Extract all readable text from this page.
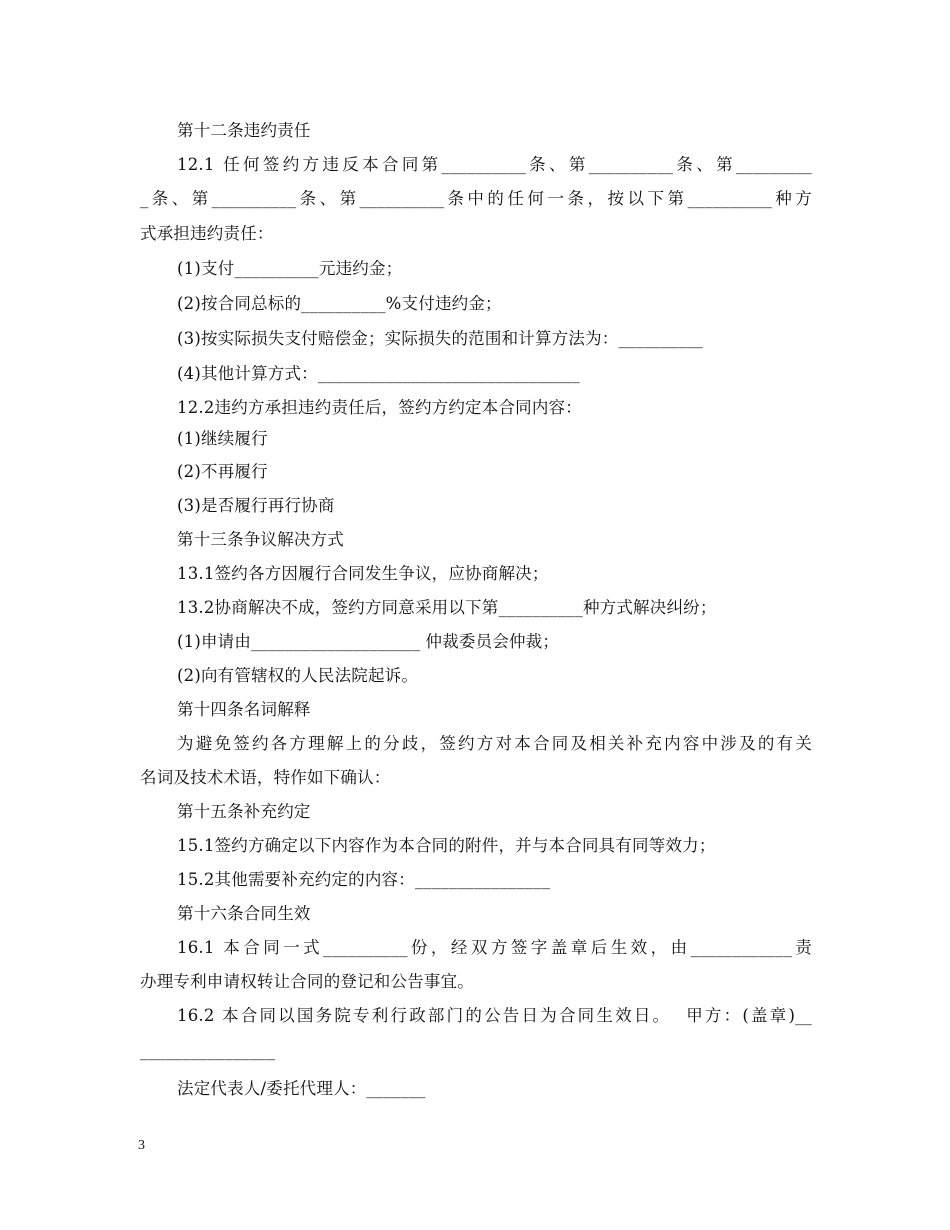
第十二条违约责任
12.1 任何签约方违反本合同第__________条、第__________条、第_________
_条、第__________条、第__________条中的任何一条，按以下第__________种方
式承担违约责任：
(1)支付__________元违约金；
(2)按合同总标的__________%支付违约金；
(3)按实际损失支付赔偿金；实际损失的范围和计算方法为：__________
(4)其他计算方式：_______________________________
12.2违约方承担违约责任后，签约方约定本合同内容：
(1)继续履行
(2)不再履行
(3)是否履行再行协商
第十三条争议解决方式
13.1签约各方因履行合同发生争议，应协商解决；
13.2协商解决不成，签约方同意采用以下第__________种方式解决纠纷；
(1)申请由____________________ 仲裁委员会仲裁；
(2)向有管辖权的人民法院起诉。
第十四条名词解释
为避免签约各方理解上的分歧，签约方对本合同及相关补充内容中涉及的有关
名词及技术术语，特作如下确认：
第十五条补充约定
15.1签约方确定以下内容作为本合同的附件，并与本合同具有同等效力；
15.2其他需要补充约定的内容：________________
第十六条合同生效
16.1 本合同一式__________份，经双方签字盖章后生效，由____________责
办理专利申请权转让合同的登记和公告事宜。
16.2 本合同以国务院专利行政部门的公告日为合同生效日。  甲方：(盖章)__
________________
法定代表人/委托代理人：_______
3
